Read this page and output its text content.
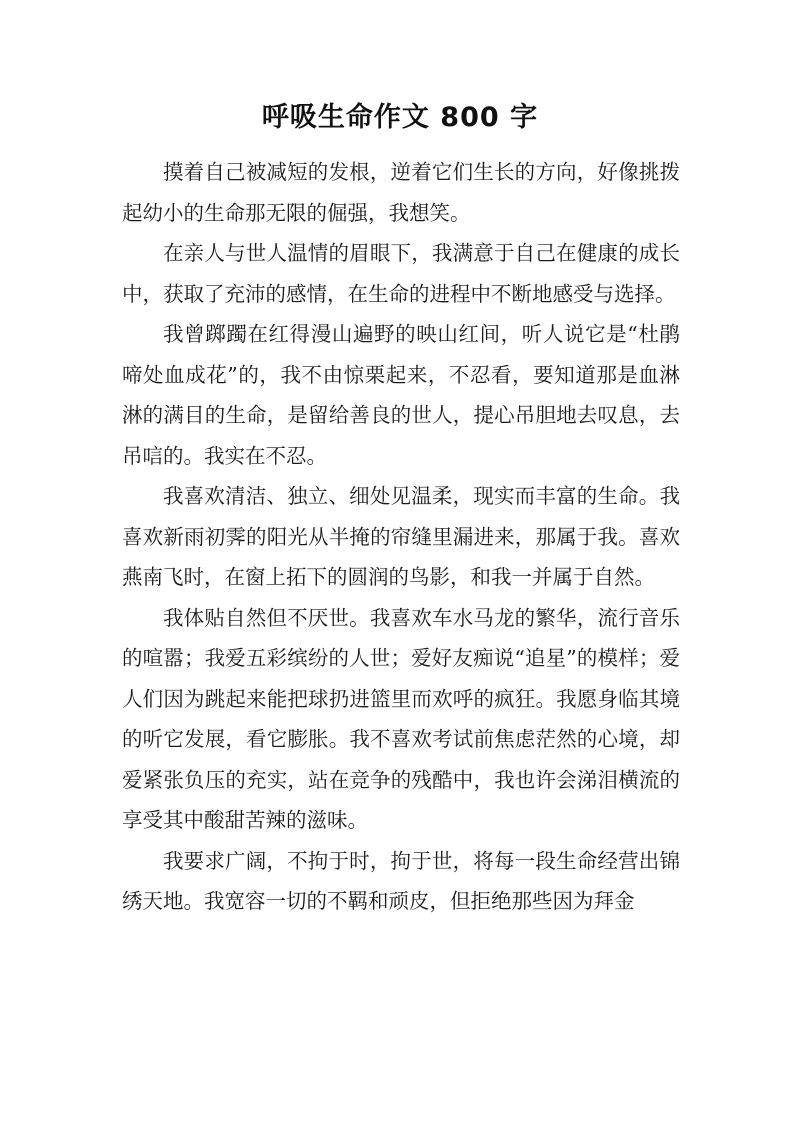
呼吸生命作文 800 字

摸着自己被减短的发根，逆着它们生长的方向，好像挑拨起幼小的生命那无限的倔强，我想笑。

在亲人与世人温情的眉眼下，我满意于自己在健康的成长中，获取了充沛的感情，在生命的进程中不断地感受与选择。

我曾踯躅在红得漫山遍野的映山红间，听人说它是“杜鹃啼处血成花”的，我不由惊栗起来，不忍看，要知道那是血淋淋的满目的生命，是留给善良的世人，提心吊胆地去叹息，去吊唁的。我实在不忍。

我喜欢清洁、独立、细处见温柔，现实而丰富的生命。我喜欢新雨初霁的阳光从半掩的帘缝里漏进来，那属于我。喜欢燕南飞时，在窗上拓下的圆润的鸟影，和我一并属于自然。

我体贴自然但不厌世。我喜欢车水马龙的繁华，流行音乐的喧嚣；我爱五彩缤纷的人世；爱好友痴说“追星”的模样；爱人们因为跳起来能把球扔进篮里而欢呼的疯狂。我愿身临其境的听它发展，看它膨胀。我不喜欢考试前焦虑茫然的心境，却爱紧张负压的充实，站在竞争的残酷中，我也许会涕泪横流的享受其中酸甜苦辣的滋味。

我要求广阔，不拘于时，拘于世，将每一段生命经营出锦绣天地。我宽容一切的不羁和顽皮，但拒绝那些因为拜金
